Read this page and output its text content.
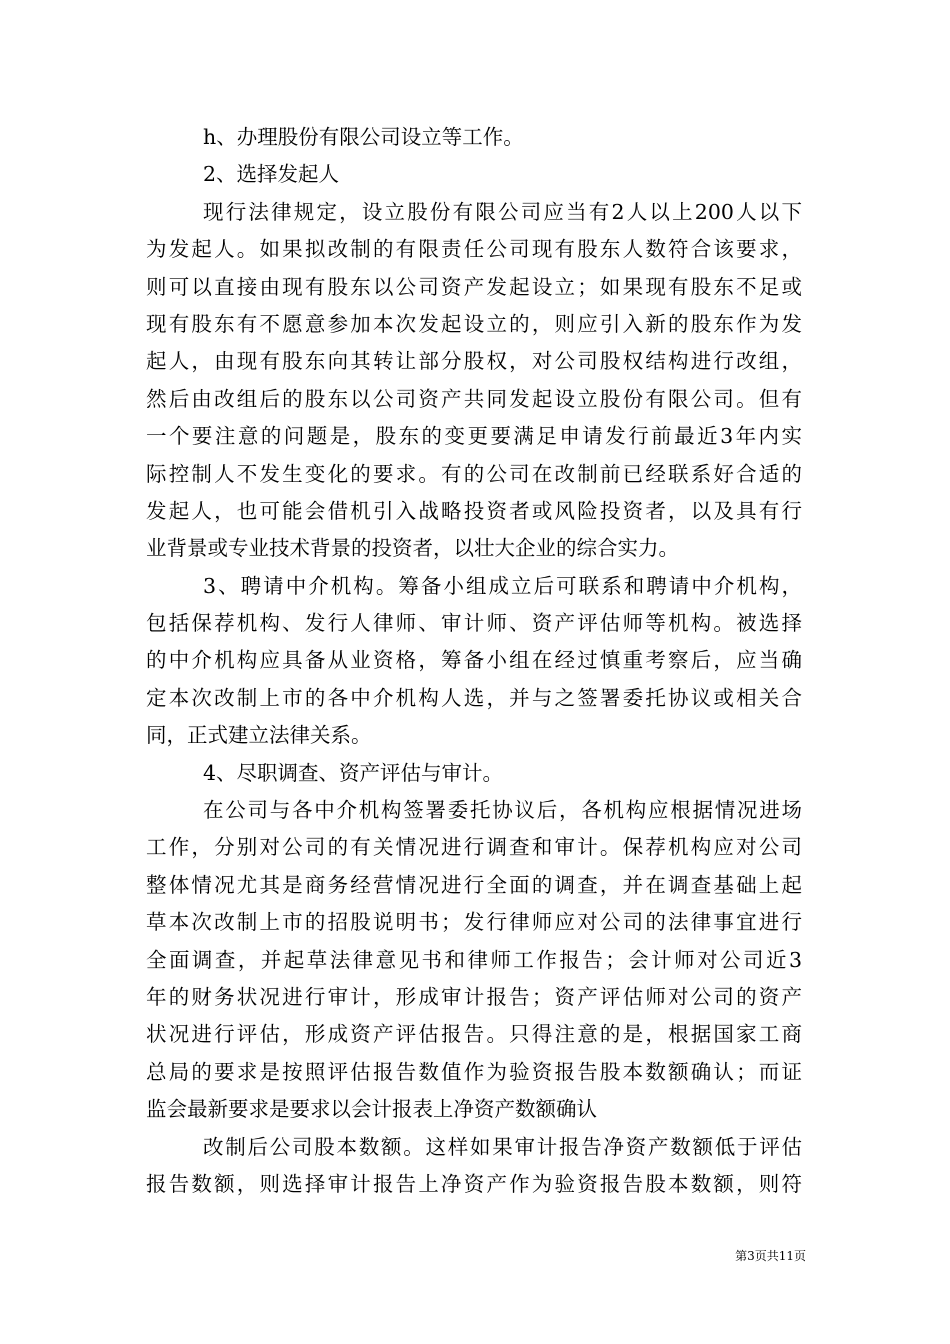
h、办理股份有限公司设立等工作。
2、选择发起人
现行法律规定，设立股份有限公司应当有2人以上200人以下
为发起人。如果拟改制的有限责任公司现有股东人数符合该要求，
则可以直接由现有股东以公司资产发起设立；如果现有股东不足或
现有股东有不愿意参加本次发起设立的，则应引入新的股东作为发
起人，由现有股东向其转让部分股权，对公司股权结构进行改组，
然后由改组后的股东以公司资产共同发起设立股份有限公司。但有
一个要注意的问题是，股东的变更要满足申请发行前最近3年内实
际控制人不发生变化的要求。有的公司在改制前已经联系好合适的
发起人，也可能会借机引入战略投资者或风险投资者，以及具有行
业背景或专业技术背景的投资者，以壮大企业的综合实力。
3、聘请中介机构。筹备小组成立后可联系和聘请中介机构，
包括保荐机构、发行人律师、审计师、资产评估师等机构。被选择
的中介机构应具备从业资格，筹备小组在经过慎重考察后，应当确
定本次改制上市的各中介机构人选，并与之签署委托协议或相关合
同，正式建立法律关系。
4、尽职调查、资产评估与审计。
在公司与各中介机构签署委托协议后，各机构应根据情况进场
工作，分别对公司的有关情况进行调查和审计。保荐机构应对公司
整体情况尤其是商务经营情况进行全面的调查，并在调查基础上起
草本次改制上市的招股说明书；发行律师应对公司的法律事宜进行
全面调查，并起草法律意见书和律师工作报告；会计师对公司近3
年的财务状况进行审计，形成审计报告；资产评估师对公司的资产
状况进行评估，形成资产评估报告。只得注意的是，根据国家工商
总局的要求是按照评估报告数值作为验资报告股本数额确认；而证
监会最新要求是要求以会计报表上净资产数额确认
改制后公司股本数额。这样如果审计报告净资产数额低于评估
报告数额，则选择审计报告上净资产作为验资报告股本数额，则符
第3页共11页
